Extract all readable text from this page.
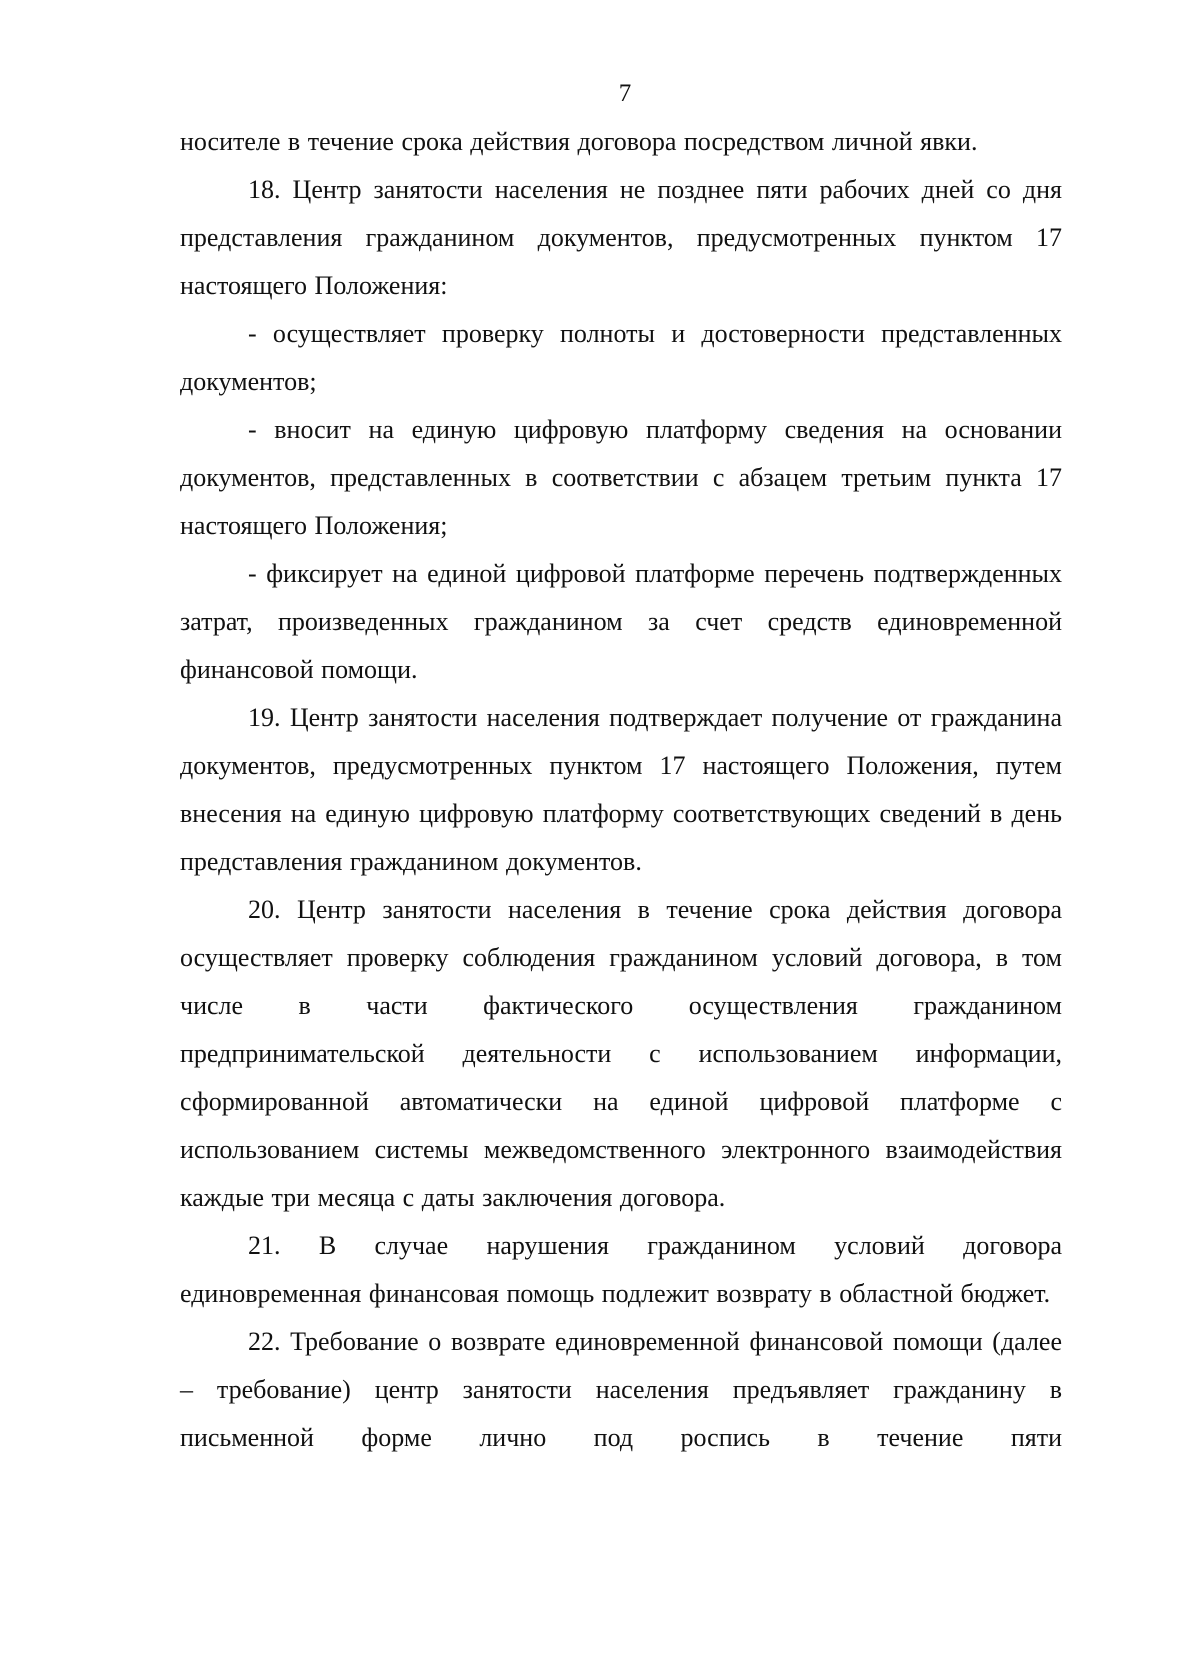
7

носителе в течение срока действия договора посредством личной явки.

18. Центр занятости населения не позднее пяти рабочих дней со дня представления гражданином документов, предусмотренных пунктом 17 настоящего Положения:

- осуществляет проверку полноты и достоверности представленных документов;

- вносит на единую цифровую платформу сведения на основании документов, представленных в соответствии с абзацем третьим пункта 17 настоящего Положения;

- фиксирует на единой цифровой платформе перечень подтвержденных затрат, произведенных гражданином за счет средств единовременной финансовой помощи.

19. Центр занятости населения подтверждает получение от гражданина документов, предусмотренных пунктом 17 настоящего Положения, путем внесения на единую цифровую платформу соответствующих сведений в день представления гражданином документов.

20. Центр занятости населения в течение срока действия договора осуществляет проверку соблюдения гражданином условий договора, в том числе в части фактического осуществления гражданином предпринимательской деятельности с использованием информации, сформированной автоматически на единой цифровой платформе с использованием системы межведомственного электронного взаимодействия каждые три месяца с даты заключения договора.

21. В случае нарушения гражданином условий договора единовременная финансовая помощь подлежит возврату в областной бюджет.

22. Требование о возврате единовременной финансовой помощи (далее – требование) центр занятости населения предъявляет гражданину в письменной форме лично под роспись в течение пяти
